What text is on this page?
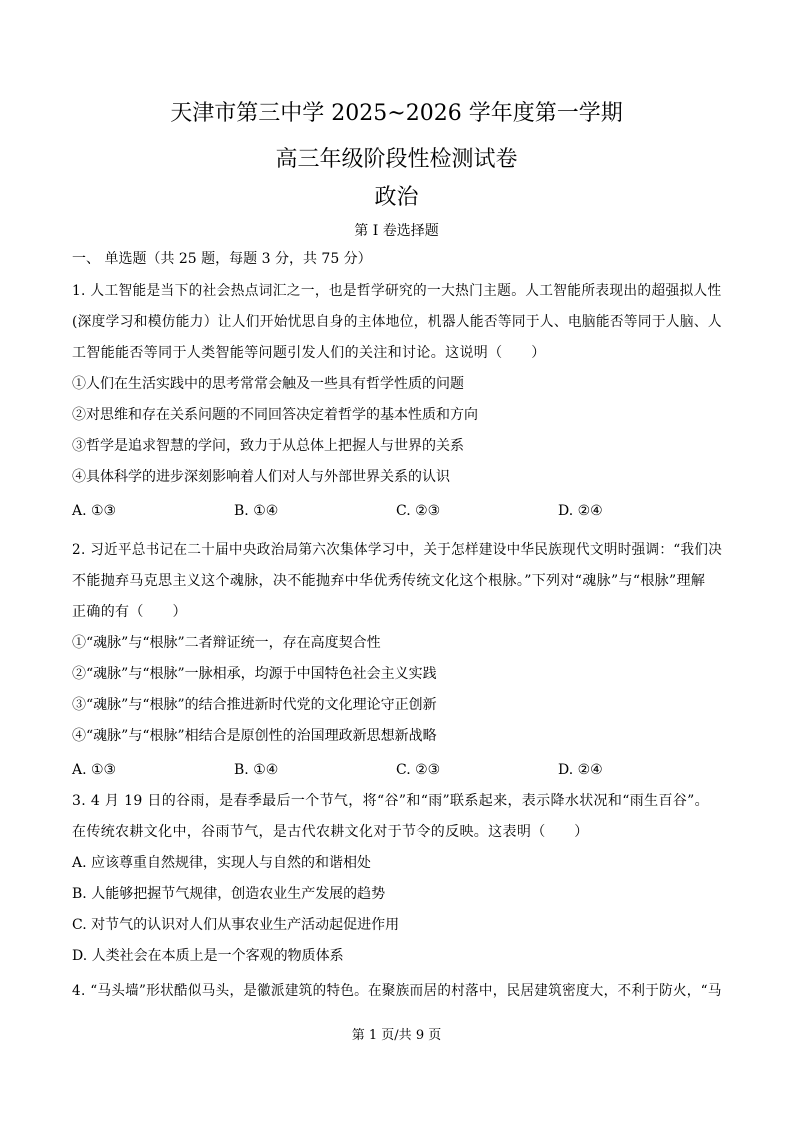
天津市第三中学 2025~2026 学年度第一学期
高三年级阶段性检测试卷
政治
第 I 卷选择题
一、 单选题（共 25 题，每题 3 分，共 75 分）
1. 人工智能是当下的社会热点词汇之一，也是哲学研究的一大热门主题。人工智能所表现出的超强拟人性
(深度学习和模仿能力）让人们开始忧思自身的主体地位，机器人能否等同于人、电脑能否等同于人脑、人
工智能能否等同于人类智能等问题引发人们的关注和讨论。这说明（　　）
①人们在生活实践中的思考常常会触及一些具有哲学性质的问题
②对思维和存在关系问题的不同回答决定着哲学的基本性质和方向
③哲学是追求智慧的学问，致力于从总体上把握人与世界的关系
④具体科学的进步深刻影响着人们对人与外部世界关系的认识
A. ①③	B. ①④	C. ②③	D. ②④
2. 习近平总书记在二十届中央政治局第六次集体学习中，关于怎样建设中华民族现代文明时强调：“我们决
不能抛弃马克思主义这个魂脉，决不能抛弃中华优秀传统文化这个根脉。”下列对“魂脉”与“根脉”理解
正确的有（　　）
①“魂脉”与“根脉”二者辩证统一，存在高度契合性
②“魂脉”与“根脉”一脉相承，均源于中国特色社会主义实践
③“魂脉”与“根脉”的结合推进新时代党的文化理论守正创新
④“魂脉”与“根脉”相结合是原创性的治国理政新思想新战略
A. ①③	B. ①④	C. ②③	D. ②④
3. 4 月 19 日的谷雨，是春季最后一个节气，将“谷”和“雨”联系起来，表示降水状况和“雨生百谷”。
在传统农耕文化中，谷雨节气，是古代农耕文化对于节令的反映。这表明（　　）
A. 应该尊重自然规律，实现人与自然的和谐相处
B. 人能够把握节气规律，创造农业生产发展的趋势
C. 对节气的认识对人们从事农业生产活动起促进作用
D. 人类社会在本质上是一个客观的物质体系
4. “马头墙”形状酷似马头，是徽派建筑的特色。在聚族而居的村落中，民居建筑密度大，不利于防火，“马
第 1 页/共 9 页
